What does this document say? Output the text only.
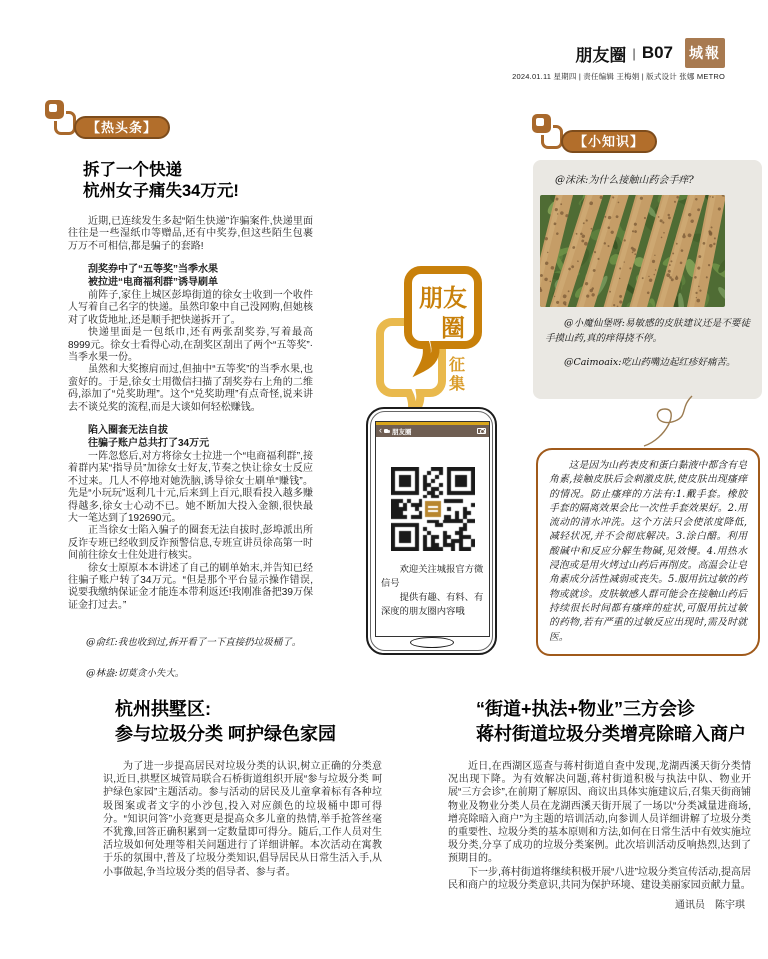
朋友圈 | B07 城報
2024.01.11 星期四 | 责任编辑 王梅娟 | 版式设计 张娜 METRO
【热头条】
拆了一个快递
杭州女子痛失34万元!

近期,已连续发生多起“陌生快递”诈骗案件,快递里面往往是一些湿纸巾等赠品,还有中奖券,但这些陌生包裹万万不可相信,都是骗子的套路!

刮奖券中了“五等奖”当季水果
被拉进“电商福利群”诱导刷单

前阵子,家住上城区彭埠街道的徐女士收到一个收件人写着自己名字的快递。虽然印象中自己没网购,但她核对了收货地址,还是顺手把快递拆开了。

快递里面是一包纸巾,还有两张刮奖券,写着最高8999元。徐女士看得心动,在刮奖区刮出了两个“五等奖”·当季水果一份。

虽然和大奖擦肩而过,但抽中“五等奖”的当季水果,也蛮好的。于是,徐女士用微信扫描了刮奖券右上角的二维码,添加了“兑奖助理”。这个“兑奖助理”有点奇怪,说来讲去不谈兑奖的流程,而是大谈如何轻松赚钱。

陷入圈套无法自拔
往骗子账户总共打了34万元

一阵忽悠后,对方将徐女士拉进一个“电商福利群”,接着群内某“指导员”加徐女士好友,节奏之快让徐女士反应不过来。几人不停地对她洗脑,诱导徐女士刷单“赚钱”。先是“小玩玩”返利几十元,后来到上百元,眼看投入越多赚得越多,徐女士心动不已。她不断加大投入金额,很快最大一笔达到了192690元。

正当徐女士陷入骗子的圈套无法自拔时,彭埠派出所反诈专班已经收到反诈预警信息,专班宣讲员徐高第一时间前往徐女士住处进行核实。

徐女士原原本本讲述了自己的刷单始末,并告知已经往骗子账户转了34万元。“但是那个平台显示操作错误,说要我缴纳保证金才能连本带利返还!我刚准备把39万保证金打过去。”

@俞红:我也收到过,拆开看了一下直接扔垃圾桶了。

@林盎:切莫贪小失大。

朋友
圈
征
集
‹ 朋友圈

欢迎关注城报官方微信号

提供有趣、有料、有深度的朋友圈内容哦

【小知识】

@沫沫:为什么接触山药会手痒?

@小魔仙堡呀:易敏感的皮肤建议还是不要徒手摸山药,真的痒得挠不停。

@Caimoaix:吃山药嘴边起红疹好痛苦。

这是因为山药表皮和蛋白黏液中都含有皂角素,接触皮肤后会刺激皮肤,使皮肤出现瘙痒的情况。防止瘙痒的方法有:1.戴手套。橡胶手套的隔离效果会比一次性手套效果好。2.用流动的清水冲洗。这个方法只会使浓度降低,减轻状况,并不会彻底解决。3.涂白醋。利用酸碱中和反应分解生物碱,见效慢。4.用热水浸泡或是用火烤过山药后再削皮。高温会让皂角素成分活性减弱或丧失。5.服用抗过敏的药物或就诊。皮肤敏感人群可能会在接触山药后持续很长时间都有瘙痒的症状,可服用抗过敏的药物,若有严重的过敏反应出现时,需及时就医。

杭州拱墅区:
参与垃圾分类 呵护绿色家园

为了进一步提高居民对垃圾分类的认识,树立正确的分类意识,近日,拱墅区城管局联合石桥街道组织开展“参与垃圾分类 呵护绿色家园”主题活动。参与活动的居民及儿童拿着标有各种垃圾图案或者文字的小沙包,投入对应颜色的垃圾桶中即可得分。“知识问答”小竞赛更是提高众多儿童的热情,举手抢答丝毫不犹豫,回答正确积累到一定数量即可得分。随后,工作人员对生活垃圾如何处理等相关问题进行了详细讲解。本次活动在寓教于乐的氛围中,普及了垃圾分类知识,倡导居民从日常生活入手,从小事做起,争当垃圾分类的倡导者、参与者。

“街道+执法+物业”三方会诊
蒋村街道垃圾分类增亮除暗入商户

近日,在西湖区巡查与蒋村街道自查中发现,龙湖西溪天街分类情况出现下降。为有效解决问题,蒋村街道积极与执法中队、物业开展“三方会诊”,在前期了解原因、商议出具体实施建议后,召集天街商铺物业及物业分类人员在龙湖西溪天街开展了一场以“分类减量进商场,增亮除暗入商户”为主题的培训活动,向参训人员详细讲解了垃圾分类的重要性、垃圾分类的基本原则和方法,如何在日常生活中有效实施垃圾分类,分享了成功的垃圾分类案例。此次培训活动反响热烈,达到了预期目的。

下一步,蒋村街道将继续积极开展“八进”垃圾分类宣传活动,提高居民和商户的垃圾分类意识,共同为保护环境、建设美丽家园贡献力量。

通讯员　陈宇琪
